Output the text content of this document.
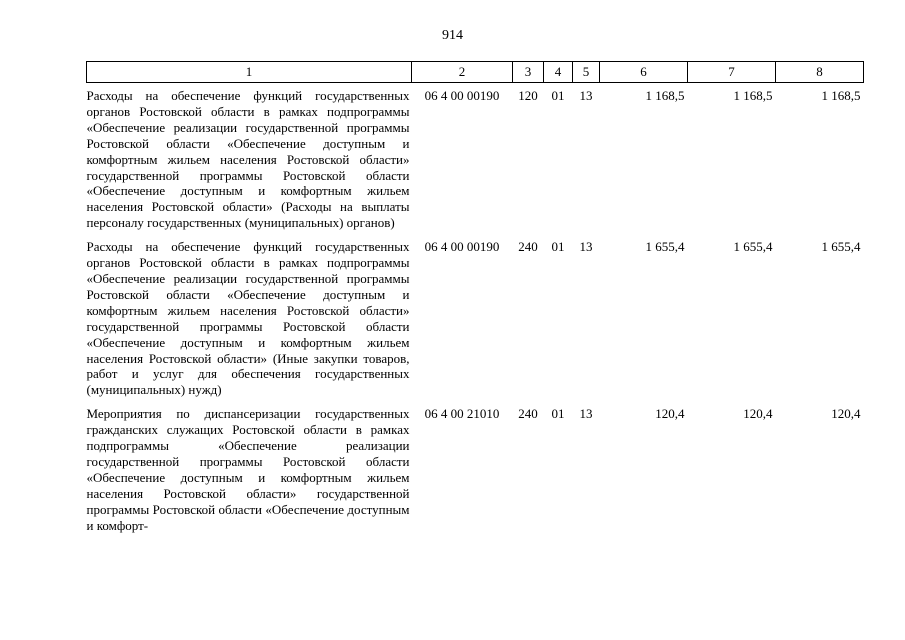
914
1	2	3	4	5	6	7	8
Расходы на обеспечение функций государственных органов Ростовской области в рамках подпрограммы «Обеспечение реализации государственной программы Ростовской области «Обеспечение доступным и комфортным жильем населения Ростовской области» государственной программы Ростовской области «Обеспечение доступным и комфортным жильем населения Ростовской области» (Расходы на выплаты персоналу государственных (муниципальных) органов)	06 4 00 00190	120	01	13	1 168,5	1 168,5	1 168,5
Расходы на обеспечение функций государственных органов Ростовской области в рамках подпрограммы «Обеспечение реализации государственной программы Ростовской области «Обеспечение доступным и комфортным жильем населения Ростовской области» государственной программы Ростовской области «Обеспечение доступным и комфортным жильем населения Ростовской области» (Иные закупки товаров, работ и услуг для обеспечения государственных (муниципальных) нужд)	06 4 00 00190	240	01	13	1 655,4	1 655,4	1 655,4
Мероприятия по диспансеризации государственных гражданских служащих Ростовской области в рамках подпрограммы «Обеспечение реализации государственной программы Ростовской области «Обеспечение доступным и комфортным жильем населения Ростовской области» государственной программы Ростовской области «Обеспечение доступным и комфорт-	06 4 00 21010	240	01	13	120,4	120,4	120,4
